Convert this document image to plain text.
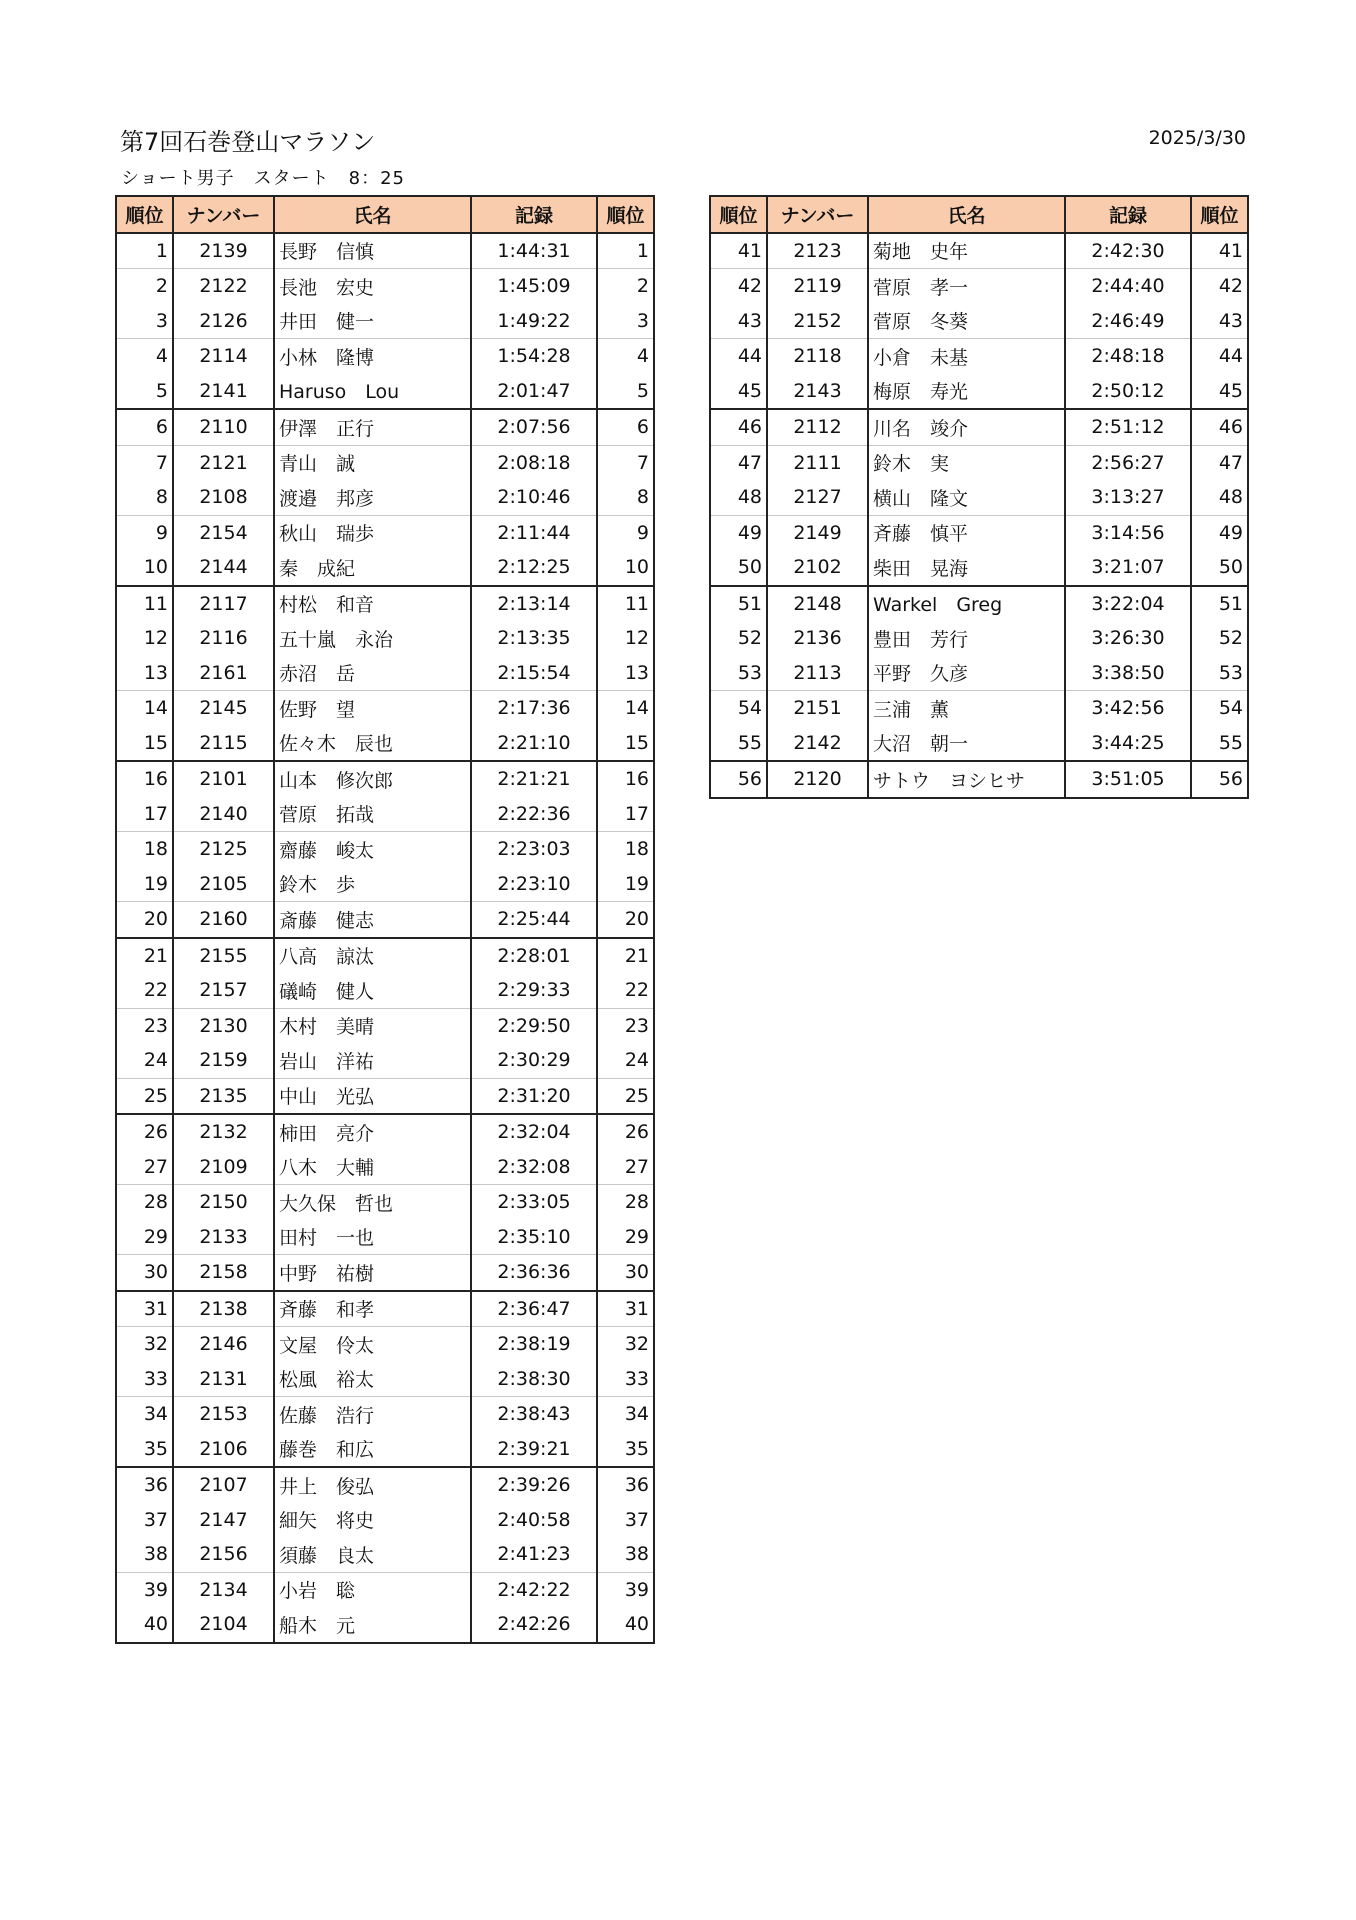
第7回石巻登山マラソン	2025/3/30
ショート男子　スタート　8：25
順位	ナンバー	氏名	記録	順位
1	2139	長野　信慎	1:44:31	1
2	2122	長池　宏史	1:45:09	2
3	2126	井田　健一	1:49:22	3
4	2114	小林　隆博	1:54:28	4
5	2141	Haruso　Lou	2:01:47	5
6	2110	伊澤　正行	2:07:56	6
7	2121	青山　誠	2:08:18	7
8	2108	渡邉　邦彦	2:10:46	8
9	2154	秋山　瑞歩	2:11:44	9
10	2144	秦　成紀	2:12:25	10
11	2117	村松　和音	2:13:14	11
12	2116	五十嵐　永治	2:13:35	12
13	2161	赤沼　岳	2:15:54	13
14	2145	佐野　望	2:17:36	14
15	2115	佐々木　辰也	2:21:10	15
16	2101	山本　修次郎	2:21:21	16
17	2140	菅原　拓哉	2:22:36	17
18	2125	齋藤　峻太	2:23:03	18
19	2105	鈴木　歩	2:23:10	19
20	2160	斎藤　健志	2:25:44	20
21	2155	八高　諒汰	2:28:01	21
22	2157	礒崎　健人	2:29:33	22
23	2130	木村　美晴	2:29:50	23
24	2159	岩山　洋祐	2:30:29	24
25	2135	中山　光弘	2:31:20	25
26	2132	柿田　亮介	2:32:04	26
27	2109	八木　大輔	2:32:08	27
28	2150	大久保　哲也	2:33:05	28
29	2133	田村　一也	2:35:10	29
30	2158	中野　祐樹	2:36:36	30
31	2138	斉藤　和孝	2:36:47	31
32	2146	文屋　伶太	2:38:19	32
33	2131	松風　裕太	2:38:30	33
34	2153	佐藤　浩行	2:38:43	34
35	2106	藤巻　和広	2:39:21	35
36	2107	井上　俊弘	2:39:26	36
37	2147	細矢　将史	2:40:58	37
38	2156	須藤　良太	2:41:23	38
39	2134	小岩　聡	2:42:22	39
40	2104	船木　元	2:42:26	40
順位	ナンバー	氏名	記録	順位
41	2123	菊地　史年	2:42:30	41
42	2119	菅原　孝一	2:44:40	42
43	2152	菅原　冬葵	2:46:49	43
44	2118	小倉　未基	2:48:18	44
45	2143	梅原　寿光	2:50:12	45
46	2112	川名　竣介	2:51:12	46
47	2111	鈴木　実	2:56:27	47
48	2127	横山　隆文	3:13:27	48
49	2149	斉藤　慎平	3:14:56	49
50	2102	柴田　晃海	3:21:07	50
51	2148	Warkel　Greg	3:22:04	51
52	2136	豊田　芳行	3:26:30	52
53	2113	平野　久彦	3:38:50	53
54	2151	三浦　薫	3:42:56	54
55	2142	大沼　朝一	3:44:25	55
56	2120	サトウ　ヨシヒサ	3:51:05	56
